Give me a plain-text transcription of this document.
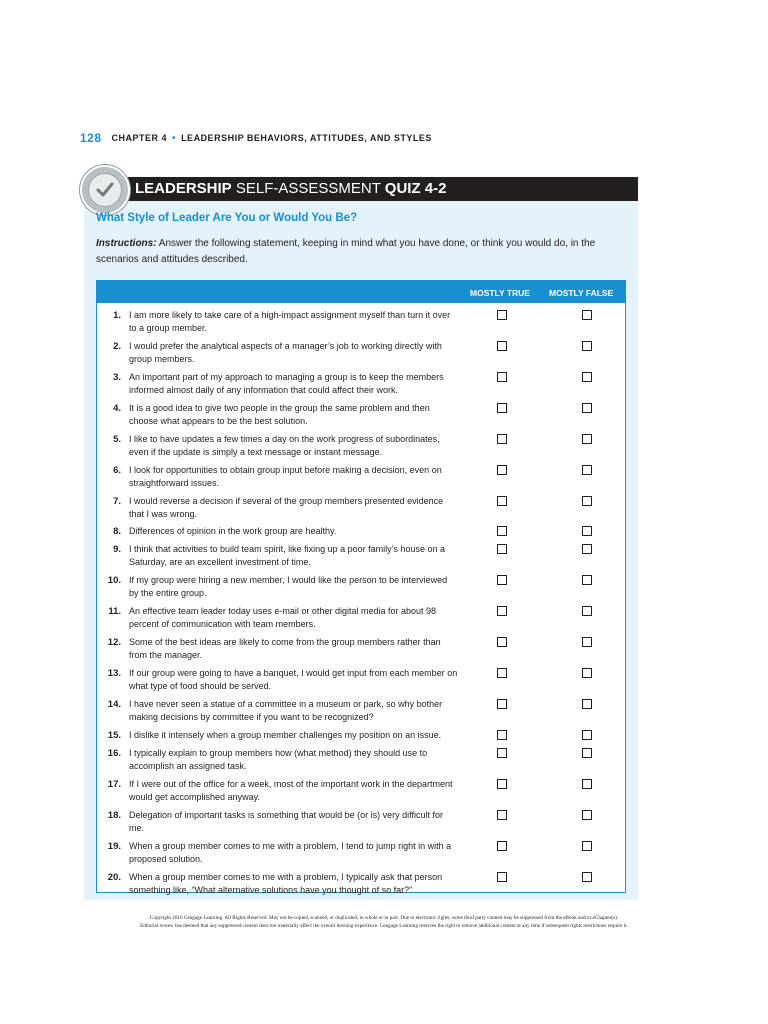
128 CHAPTER 4 • LEADERSHIP BEHAVIORS, ATTITUDES, AND STYLES
LEADERSHIP SELF-ASSESSMENT QUIZ 4-2
What Style of Leader Are You or Would You Be?
Instructions: Answer the following statement, keeping in mind what you have done, or think you would do, in the scenarios and attitudes described.
MOSTLY TRUE MOSTLY FALSE
1. I am more likely to take care of a high-impact assignment myself than turn it over to a group member.
2. I would prefer the analytical aspects of a manager’s job to working directly with group members.
3. An important part of my approach to managing a group is to keep the members informed almost daily of any information that could affect their work.
4. It is a good idea to give two people in the group the same problem and then choose what appears to be the best solution.
5. I like to have updates a few times a day on the work progress of subordinates, even if the update is simply a text message or instant message.
6. I look for opportunities to obtain group input before making a decision, even on straightforward issues.
7. I would reverse a decision if several of the group members presented evidence that I was wrong.
8. Differences of opinion in the work group are healthy.
9. I think that activities to build team spirit, like fixing up a poor family’s house on a Saturday, are an excellent investment of time.
10. If my group were hiring a new member, I would like the person to be interviewed by the entire group.
11. An effective team leader today uses e-mail or other digital media for about 98 percent of communication with team members.
12. Some of the best ideas are likely to come from the group members rather than from the manager.
13. If our group were going to have a banquet, I would get input from each member on what type of food should be served.
14. I have never seen a statue of a committee in a museum or park, so why bother making decisions by committee if you want to be recognized?
15. I dislike it intensely when a group member challenges my position on an issue.
16. I typically explain to group members how (what method) they should use to accomplish an assigned task.
17. If I were out of the office for a week, most of the important work in the department would get accomplished anyway.
18. Delegation of important tasks is something that would be (or is) very difficult for me.
19. When a group member comes to me with a problem, I tend to jump right in with a proposed solution.
20. When a group member comes to me with a problem, I typically ask that person something like, “What alternative solutions have you thought of so far?”
Copyright 2016 Cengage Learning. All Rights Reserved. May not be copied, scanned, or duplicated, in whole or in part. Due to electronic rights, some third party content may be suppressed from the eBook and/or eChapter(s).
Editorial review has deemed that any suppressed content does not materially affect the overall learning experience. Cengage Learning reserves the right to remove additional content at any time if subsequent rights restrictions require it.
